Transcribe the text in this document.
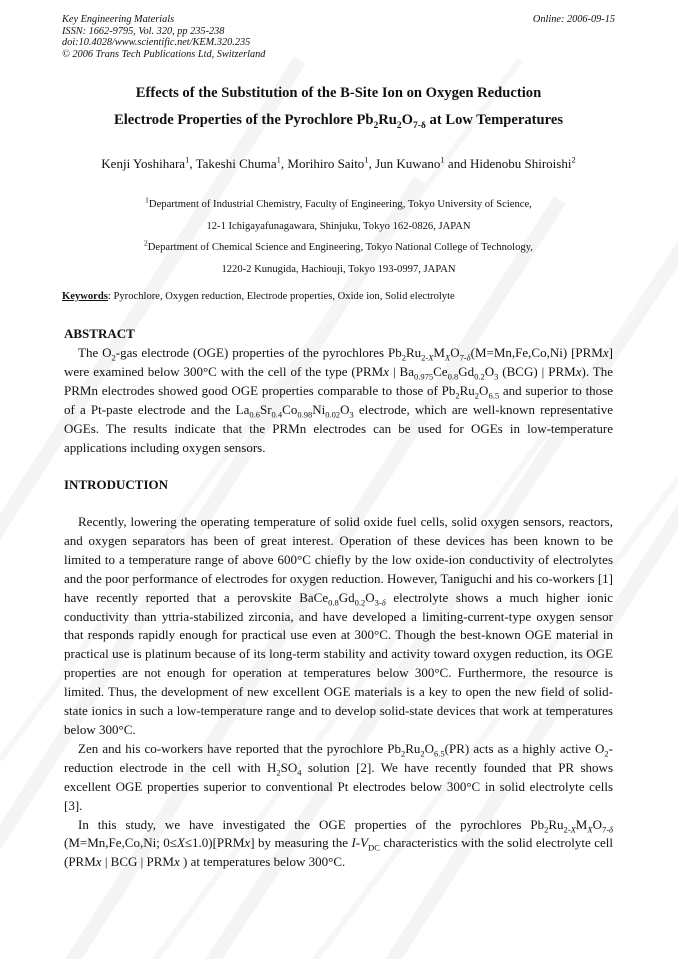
Key Engineering Materials
ISSN: 1662-9795, Vol. 320, pp 235-238
doi:10.4028/www.scientific.net/KEM.320.235
© 2006 Trans Tech Publications Ltd, Switzerland
Online: 2006-09-15
Effects of the Substitution of the B-Site Ion on Oxygen Reduction
Electrode Properties of the Pyrochlore $Pb_2Ru_2O_{7-\delta}$ at Low Temperatures
Kenji Yoshihara$^1$, Takeshi Chuma$^1$, Morihiro Saito$^1$, Jun Kuwano$^1$ and Hidenobu Shiroishi$^2$
$^1$Department of Industrial Chemistry, Faculty of Engineering, Tokyo University of Science,
12-1 Ichigayafunagawara, Shinjuku, Tokyo 162-0826, JAPAN
$^2$Department of Chemical Science and Engineering, Tokyo National College of Technology,
1220-2 Kunugida, Hachiouji, Tokyo 193-0997, JAPAN
Keywords: Pyrochlore, Oxygen reduction, Electrode properties, Oxide ion, Solid electrolyte
ABSTRACT

The $O_2$-gas electrode (OGE) properties of the pyrochlores $Pb_2Ru_{2-X}M_XO_{7-\delta}(M=Mn,Fe,Co,Ni)$ [PRMx] were examined below 300°C with the cell of the type (PRMx | $Ba_{0.975}Ce_{0.8}Gd_{0.2}O_3$ (BCG) | PRMx). The PRMn electrodes showed good OGE properties comparable to those of $Pb_2Ru_2O_{6.5}$ and superior to those of a Pt-paste electrode and the $La_{0.6}Sr_{0.4}Co_{0.98}Ni_{0.02}O_3$ electrode, which are well-known representative OGEs. The results indicate that the PRMn electrodes can be used for OGEs in low-temperature applications including oxygen sensors.

INTRODUCTION

Recently, lowering the operating temperature of solid oxide fuel cells, solid oxygen sensors, reactors, and oxygen separators has been of great interest. Operation of these devices has been known to be limited to a temperature range of above 600°C chiefly by the low oxide-ion conductivity of electrolytes and the poor performance of electrodes for oxygen reduction. However, Taniguchi and his co-workers [1] have recently reported that a perovskite $BaCe_{0.8}Gd_{0.2}O_{3-\delta}$ electrolyte shows a much higher ionic conductivity than yttria-stabilized zirconia, and have developed a limiting-current-type oxygen sensor that responds rapidly enough for practical use even at 300°C. Though the best-known OGE material in practical use is platinum because of its long-term stability and activity toward oxygen reduction, its OGE properties are not enough for operation at temperatures below 300°C. Furthermore, the resource is limited. Thus, the development of new excellent OGE materials is a key to open the new field of solid-state ionics in such a low-temperature range and to develop solid-state devices that work at temperatures below 300°C.

Zen and his co-workers have reported that the pyrochlore $Pb_2Ru_2O_{6.5}(PR)$ acts as a highly active $O_2$-reduction electrode in the cell with $H_2SO_4$ solution [2]. We have recently founded that PR shows excellent OGE properties superior to conventional Pt electrodes below 300°C in solid electrolyte cells [3].

In this study, we have investigated the OGE properties of the pyrochlores $Pb_2Ru_{2-X}M_XO_{7-\delta}$ (M=Mn,Fe,Co,Ni; 0≤X≤1.0)[PRMx] by measuring the $I-V_{DC}$ characteristics with the solid electrolyte cell (PRMx | BCG | PRMx ) at temperatures below 300°C.
